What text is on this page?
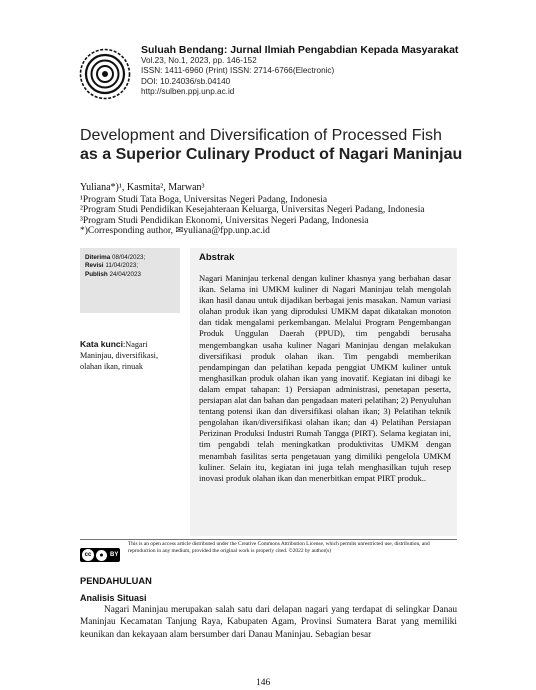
Suluah Bendang: Jurnal Ilmiah Pengabdian Kepada Masyarakat
Vol.23, No.1, 2023, pp. 146-152
ISSN: 1411-6960 (Print) ISSN: 2714-6766(Electronic)
DOI: 10.24036/sb.04140
http://sulben.ppj.unp.ac.id
Development and Diversification of Processed Fish
as a Superior Culinary Product of Nagari Maninjau
Yuliana*)¹, Kasmita², Marwan³
¹Program Studi Tata Boga, Universitas Negeri Padang, Indonesia
²Program Studi Pendidikan Kesejahteraan Keluarga, Universitas Negeri Padang, Indonesia
³Program Studi Pendidikan Ekonomi, Universitas Negeri Padang, Indonesia
*)Corresponding author, ✉yuliana@fpp.unp.ac.id
Diterima 08/04/2023;
Revisi 11/04/2023;
Publish 24/04/2023
Kata kunci:Nagari Maninjau, diversifikasi, olahan ikan, rinuak
Abstrak
Nagari Maninjau terkenal dengan kuliner khasnya yang berbahan dasar ikan. Selama ini UMKM kuliner di Nagari Maninjau telah mengolah ikan hasil danau untuk dijadikan berbagai jenis masakan. Namun variasi olahan produk ikan yang diproduksi UMKM dapat dikatakan monoton dan tidak mengalami perkembangan. Melalui Program Pengembangan Produk Unggulan Daerah (PPUD), tim pengabdi berusaha mengembangkan usaha kuliner Nagari Maninjau dengan melakukan diversifikasi produk olahan ikan. Tim pengabdi memberikan pendampingan dan pelatihan kepada penggiat UMKM kuliner untuk menghasilkan produk olahan ikan yang inovatif. Kegiatan ini dibagi ke dalam empat tahapan: 1) Persiapan administrasi, penetapan peserta, persiapan alat dan bahan dan pengadaan materi pelatihan; 2) Penyuluhan tentang potensi ikan dan diversifikasi olahan ikan; 3) Pelatihan teknik pengolahan ikan/diversifikasi olahan ikan; dan 4) Pelatihan Persiapan Perizinan Produksi Industri Rumah Tangga (PIRT). Selama kegiatan ini, tim pengabdi telah meningkatkan produktivitas UMKM dengan menambah fasilitas serta pengetauan yang dimiliki pengelola UMKM kuliner. Selain itu, kegiatan ini juga telah menghasilkan tujuh resep inovasi produk olahan ikan dan menerbitkan empat PIRT produk..
cc	●	BY
This is an open access article distributed under the Creative Commons Attribution License, which permits unrestricted use, distribution, and reproduction in any medium, provided the original work is properly cited. ©2022 by author(s)
PENDAHULUAN
Analisis Situasi
Nagari Maninjau merupakan salah satu dari delapan nagari yang terdapat di selingkar Danau Maninjau Kecamatan Tanjung Raya, Kabupaten Agam, Provinsi Sumatera Barat yang memiliki keunikan dan kekayaan alam bersumber dari Danau Maninjau. Sebagian besar
146
